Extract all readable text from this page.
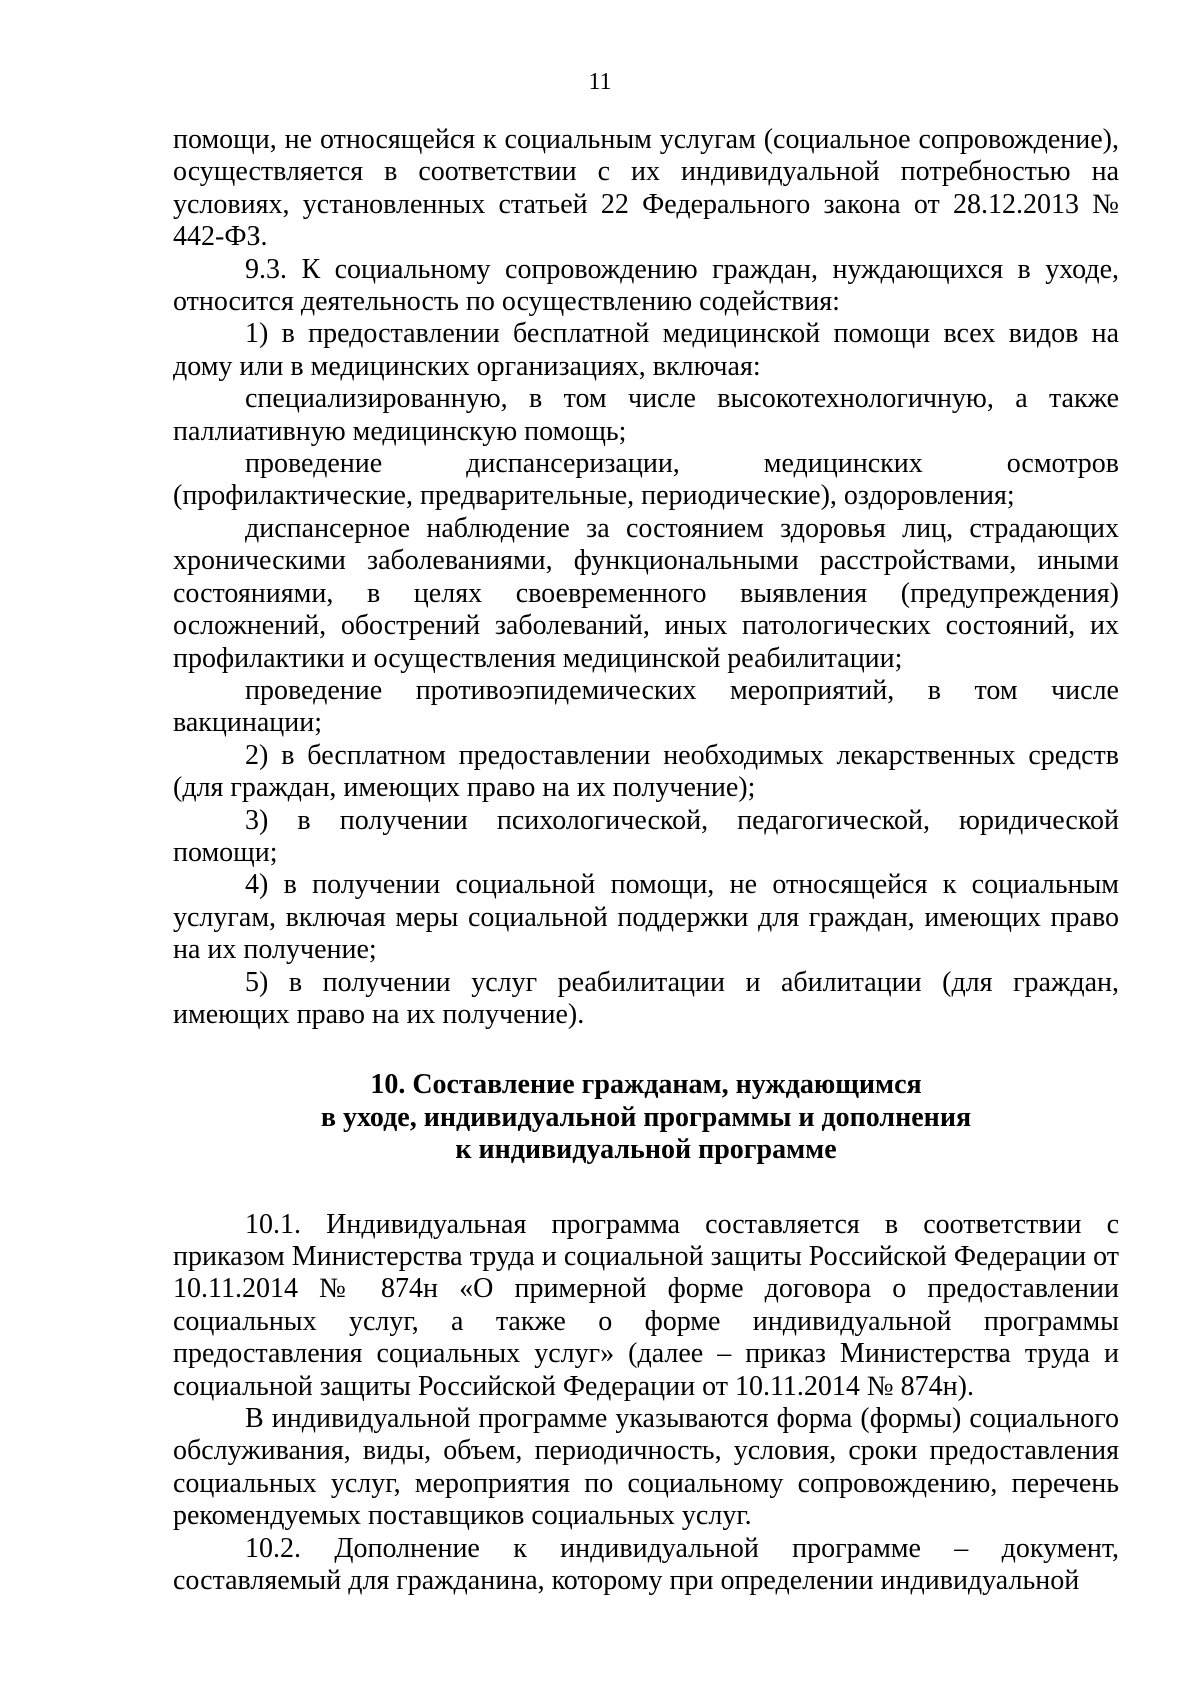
11

помощи, не относящейся к социальным услугам (социальное сопровождение), осуществляется в соответствии с их индивидуальной потребностью на условиях, установленных статьей 22 Федерального закона от 28.12.2013 № 442-ФЗ.

9.3. К социальному сопровождению граждан, нуждающихся в уходе, относится деятельность по осуществлению содействия:

1) в предоставлении бесплатной медицинской помощи всех видов на дому или в медицинских организациях, включая:

специализированную, в том числе высокотехнологичную, а также паллиативную медицинскую помощь;

проведение диспансеризации, медицинских осмотров (профилактические, предварительные, периодические), оздоровления;

диспансерное наблюдение за состоянием здоровья лиц, страдающих хроническими заболеваниями, функциональными расстройствами, иными состояниями, в целях своевременного выявления (предупреждения) осложнений, обострений заболеваний, иных патологических состояний, их профилактики и осуществления медицинской реабилитации;

проведение противоэпидемических мероприятий, в том числе вакцинации;

2) в бесплатном предоставлении необходимых лекарственных средств (для граждан, имеющих право на их получение);

3) в получении психологической, педагогической, юридической помощи;

4) в получении социальной помощи, не относящейся к социальным услугам, включая меры социальной поддержки для граждан, имеющих право на их получение;

5) в получении услуг реабилитации и абилитации (для граждан, имеющих право на их получение).

10. Составление гражданам, нуждающимся
в уходе, индивидуальной программы и дополнения
к индивидуальной программе

10.1. Индивидуальная программа составляется в соответствии с приказом Министерства труда и социальной защиты Российской Федерации от 10.11.2014 № 874н «О примерной форме договора о предоставлении социальных услуг, а также о форме индивидуальной программы предоставления социальных услуг» (далее – приказ Министерства труда и социальной защиты Российской Федерации от 10.11.2014 № 874н).

В индивидуальной программе указываются форма (формы) социального обслуживания, виды, объем, периодичность, условия, сроки предоставления социальных услуг, мероприятия по социальному сопровождению, перечень рекомендуемых поставщиков социальных услуг.

10.2. Дополнение к индивидуальной программе – документ, составляемый для гражданина, которому при определении индивидуальной
